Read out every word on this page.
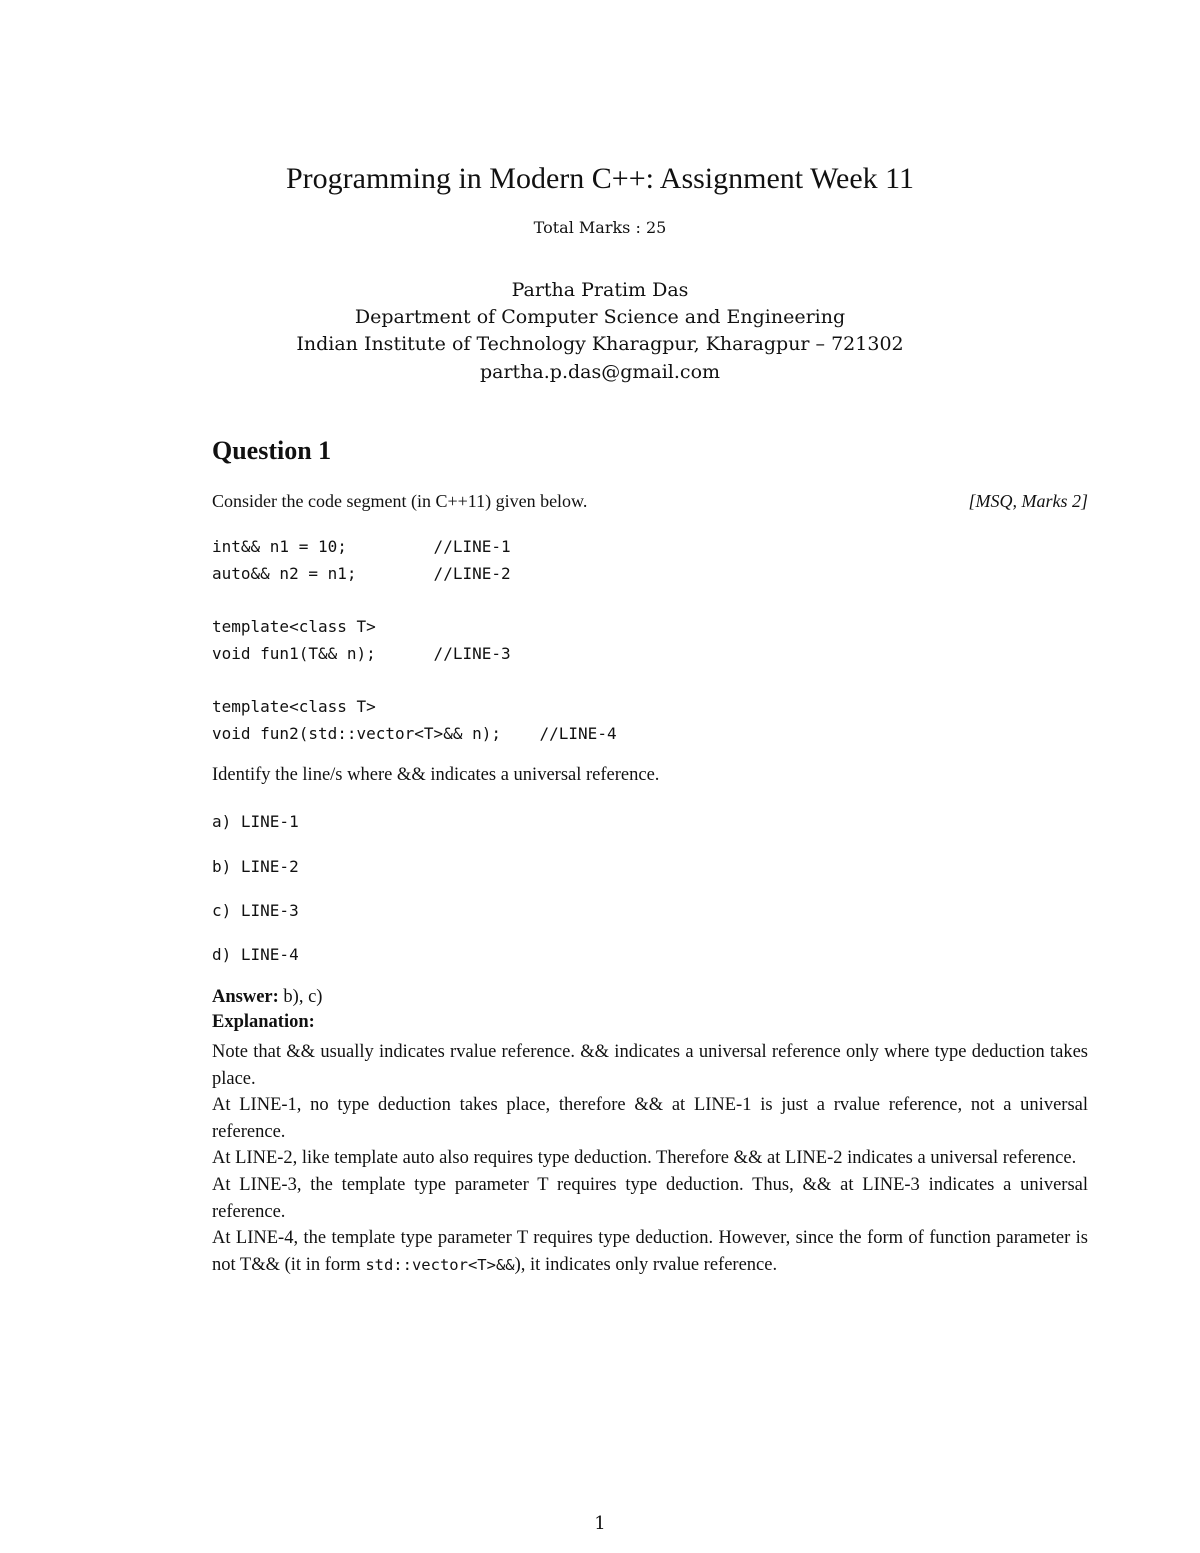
Programming in Modern C++: Assignment Week 11
Total Marks : 25
Partha Pratim Das
Department of Computer Science and Engineering
Indian Institute of Technology Kharagpur, Kharagpur – 721302
partha.p.das@gmail.com
Question 1
Consider the code segment (in C++11) given below.	[MSQ, Marks 2]
int&& n1 = 10;         //LINE-1
auto&& n2 = n1;        //LINE-2
template<class T>
void fun1(T&& n);      //LINE-3
template<class T>
void fun2(std::vector<T>&& n);    //LINE-4
Identify the line/s where && indicates a universal reference.
a) LINE-1
b) LINE-2
c) LINE-3
d) LINE-4
Answer: b), c)
Explanation:

Note that && usually indicates rvalue reference. && indicates a universal reference only where type deduction takes place.

At LINE-1, no type deduction takes place, therefore && at LINE-1 is just a rvalue reference, not a universal reference.

At LINE-2, like template auto also requires type deduction. Therefore && at LINE-2 indicates a universal reference.

At LINE-3, the template type parameter T requires type deduction. Thus, && at LINE-3 indicates a universal reference.

At LINE-4, the template type parameter T requires type deduction. However, since the form of function parameter is not T&& (it in form std::vector<T>&&), it indicates only rvalue reference.

1
